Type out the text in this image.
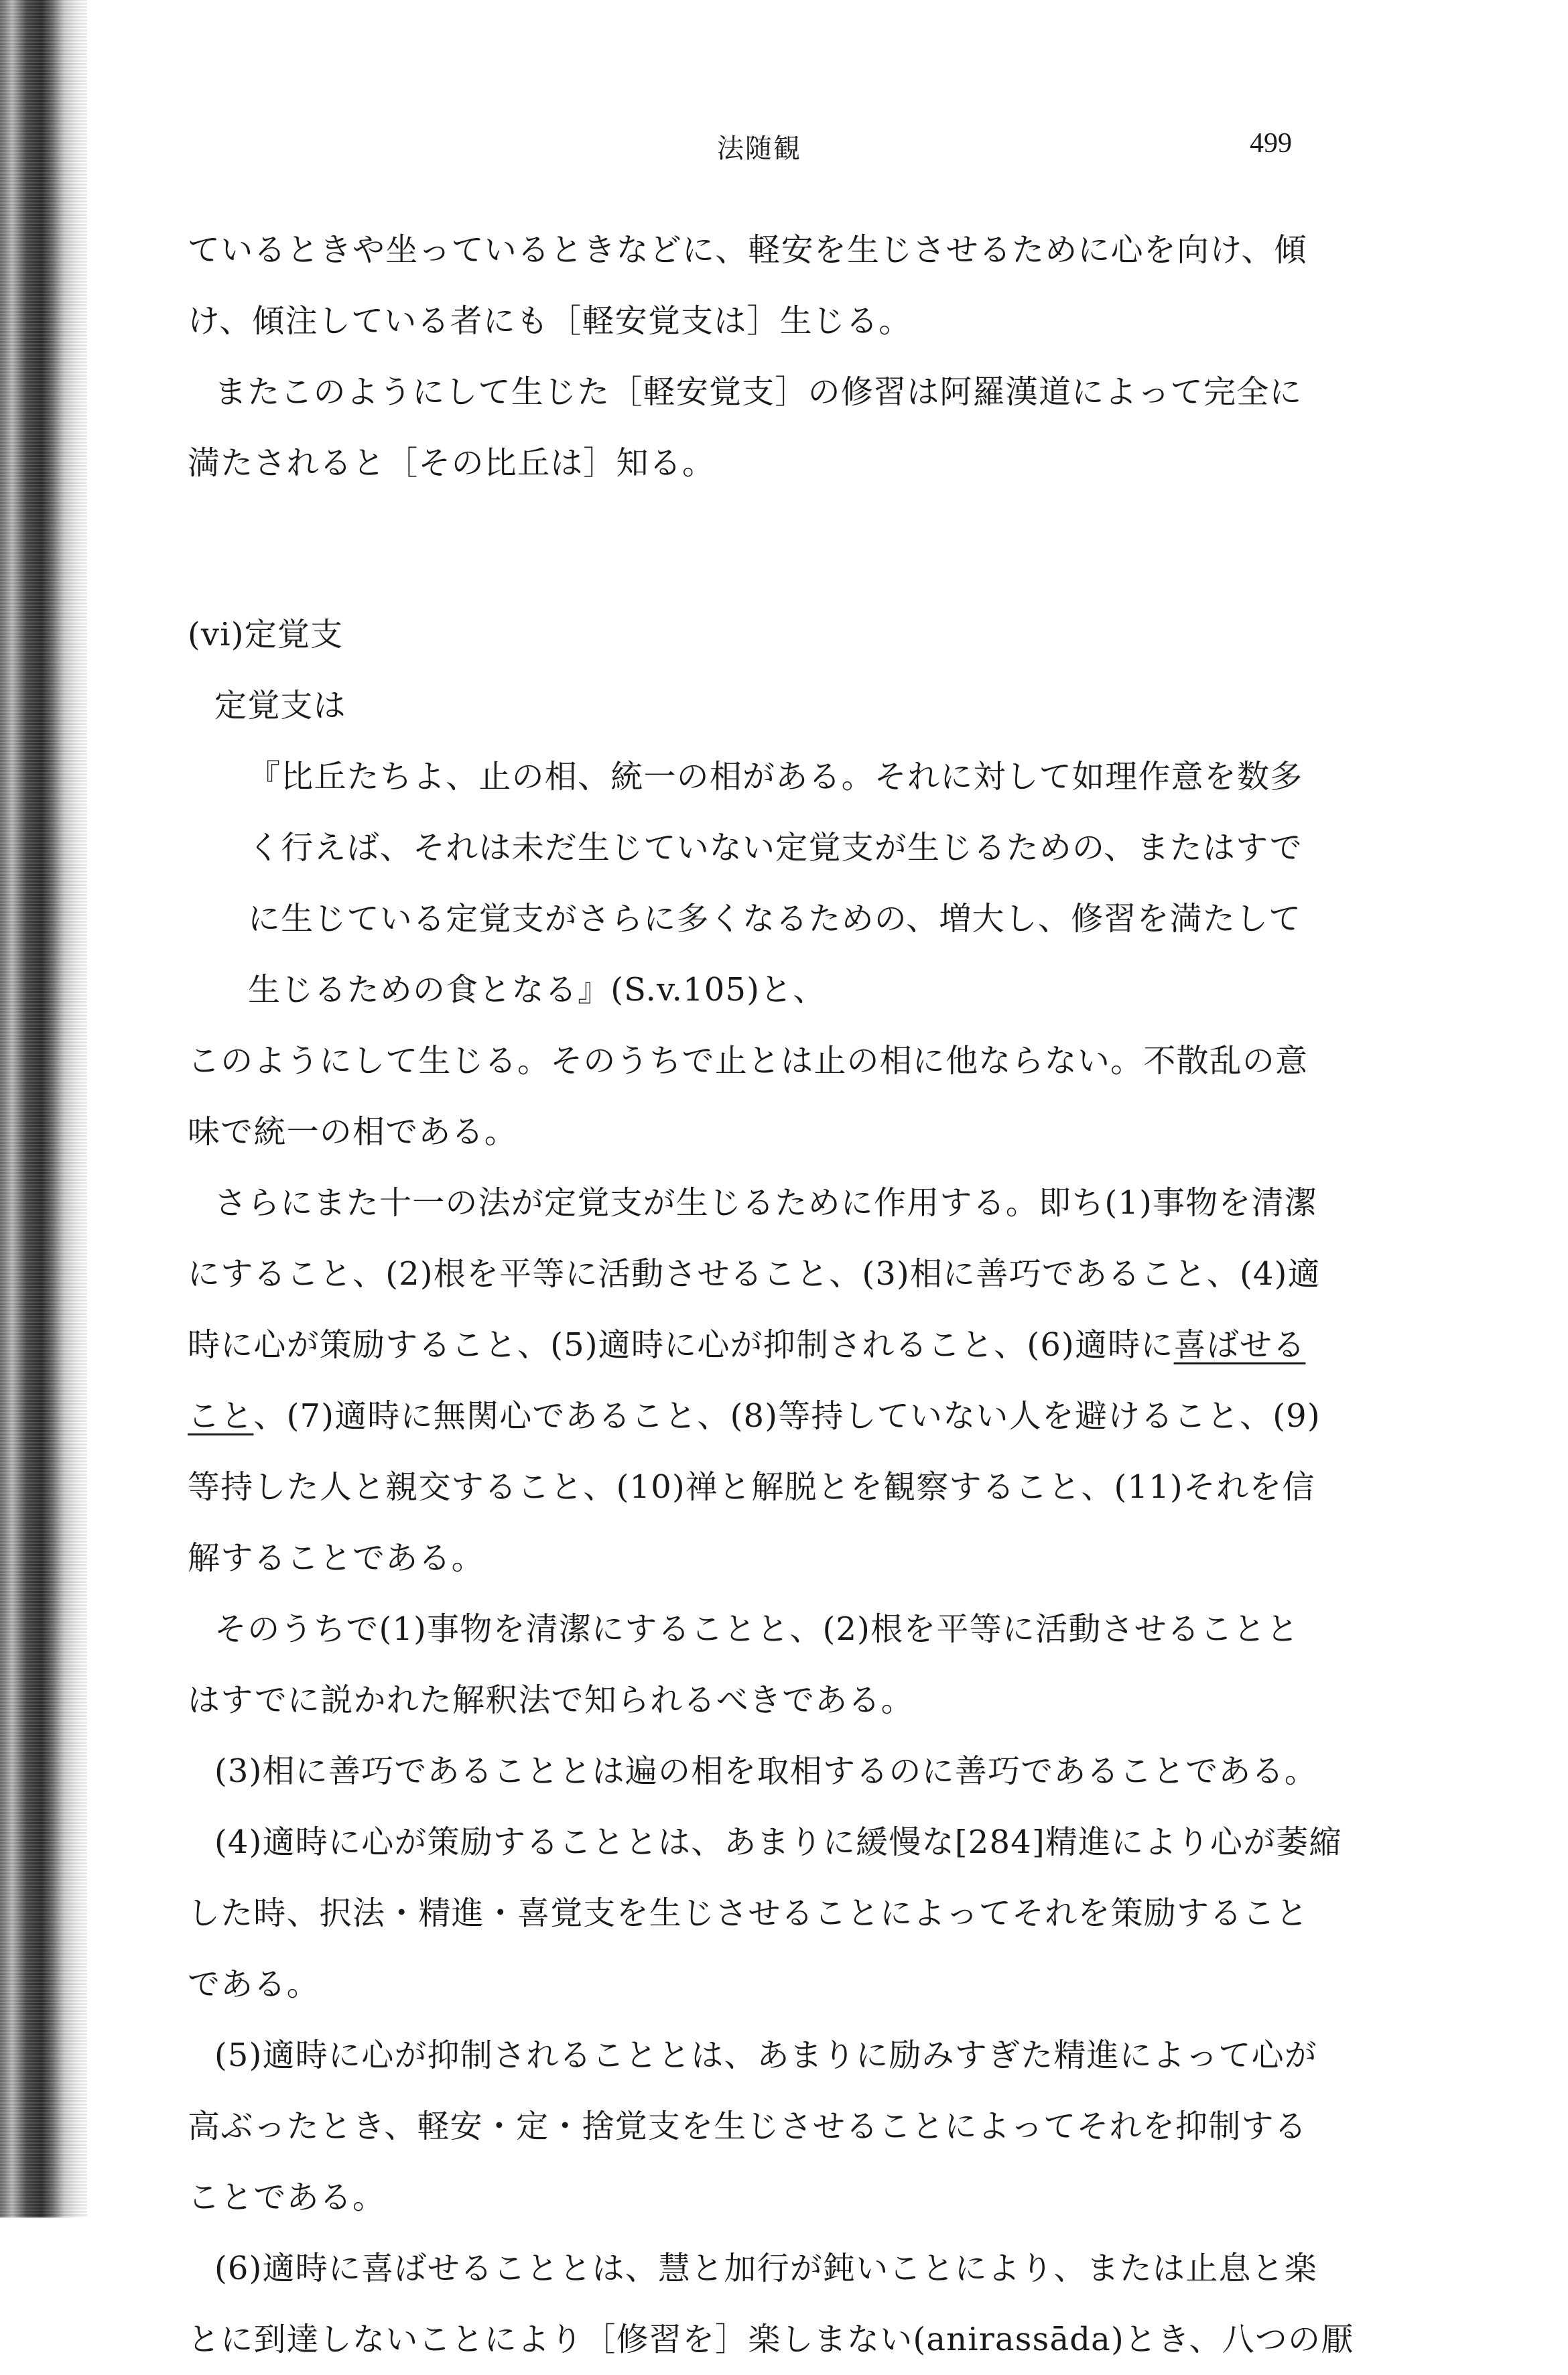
法随観	499
ているときや坐っているときなどに、軽安を生じさせるために心を向け、傾
け、傾注している者にも［軽安覚支は］生じる。
またこのようにして生じた［軽安覚支］の修習は阿羅漢道によって完全に
満たされると［その比丘は］知る。
(vi)定覚支
定覚支は
『比丘たちよ、止の相、統一の相がある。それに対して如理作意を数多
く行えば、それは未だ生じていない定覚支が生じるための、またはすで
に生じている定覚支がさらに多くなるための、増大し、修習を満たして
生じるための食となる』(S.v.105)と、
このようにして生じる。そのうちで止とは止の相に他ならない。不散乱の意
味で統一の相である。
さらにまた十一の法が定覚支が生じるために作用する。即ち(1)事物を清潔
にすること、(2)根を平等に活動させること、(3)相に善巧であること、(4)適
時に心が策励すること、(5)適時に心が抑制されること、(6)適時に喜ばせる
こと、(7)適時に無関心であること、(8)等持していない人を避けること、(9)
等持した人と親交すること、(10)禅と解脱とを観察すること、(11)それを信
解することである。
そのうちで(1)事物を清潔にすることと、(2)根を平等に活動させることと
はすでに説かれた解釈法で知られるべきである。
(3)相に善巧であることとは遍の相を取相するのに善巧であることである。
(4)適時に心が策励することとは、あまりに緩慢な[284]精進により心が萎縮
した時、択法・精進・喜覚支を生じさせることによってそれを策励すること
である。
(5)適時に心が抑制されることとは、あまりに励みすぎた精進によって心が
高ぶったとき、軽安・定・捨覚支を生じさせることによってそれを抑制する
ことである。
(6)適時に喜ばせることとは、慧と加行が鈍いことにより、または止息と楽
とに到達しないことにより［修習を］楽しまない(anirassāda)とき、八つの厭
